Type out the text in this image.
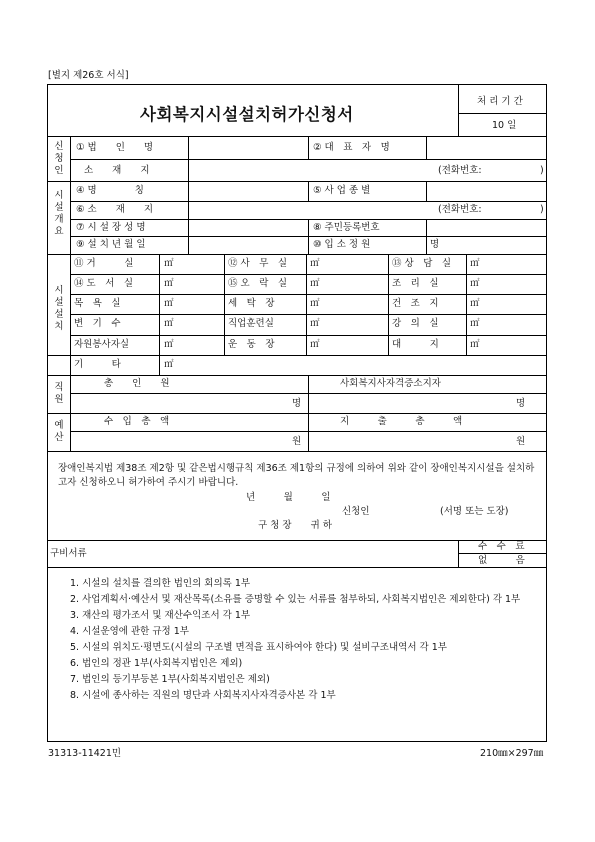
[별지 제26호 서식]
사회복지시설설치허가신청서
처 리 기 간
10 일
신청인
① 법　　인　　명	② 대　표　자　명
소　　재　　지	(전화번호:	)
시설개요
④ 명　　　　칭	⑤ 사 업 종 별
⑥ 소　　재　　지	(전화번호:	)
⑦ 시 설 장 성 명	⑧ 주민등록번호
⑨ 설 치 년 월 일	⑩ 입 소 정 원	명
시설설치
⑪ 거　　　실	㎡	⑫ 사　무　실 ㎡	⑬ 상　담　실 ㎡
⑭ 도　서　실	㎡	⑮ 오　락　실 ㎡	조　리　실	㎡
목　욕　실	㎡	세　탁　장	㎡	건　조　지	㎡
변　기　수	㎡	직업훈련실	㎡	강　의　실	㎡
자원봉사자실	㎡	운　동　장	㎡	대　　　지	㎡
기　　　타	㎡
직원
총　　인　　원	사회복지사자격증소지자
명	명
예산
수　입　총　액	지　　　출　　　총　　　액
원	원
장애인복지법 제38조 제2항 및 같은법시행규칙 제36조 제1항의 규정에 의하여 위와 같이 장애인복지시설을 설치하고자 신청하오니 허가하여 주시기 바랍니다.
년　　　월　　　일
신청인	(서명 또는 도장)
구 청 장　　귀 하
구비서류
수　수　료
없　　　음
1. 시설의 설치를 결의한 법인의 회의록 1부
2. 사업계획서·예산서 및 재산목록(소유를 증명할 수 있는 서류를 첨부하되, 사회복지법인은 제외한다) 각 1부
3. 재산의 평가조서 및 재산수익조서 각 1부
4. 시설운영에 관한 규정 1부
5. 시설의 위치도·평면도(시설의 구조별 면적을 표시하여야 한다) 및 설비구조내역서 각 1부
6. 법인의 정관 1부(사회복지법인은 제외)
7. 법인의 등기부등본 1부(사회복지법인은 제외)
8. 시설에 종사하는 직원의 명단과 사회복지사자격증사본 각 1부
31313-11421민	210㎜×297㎜
